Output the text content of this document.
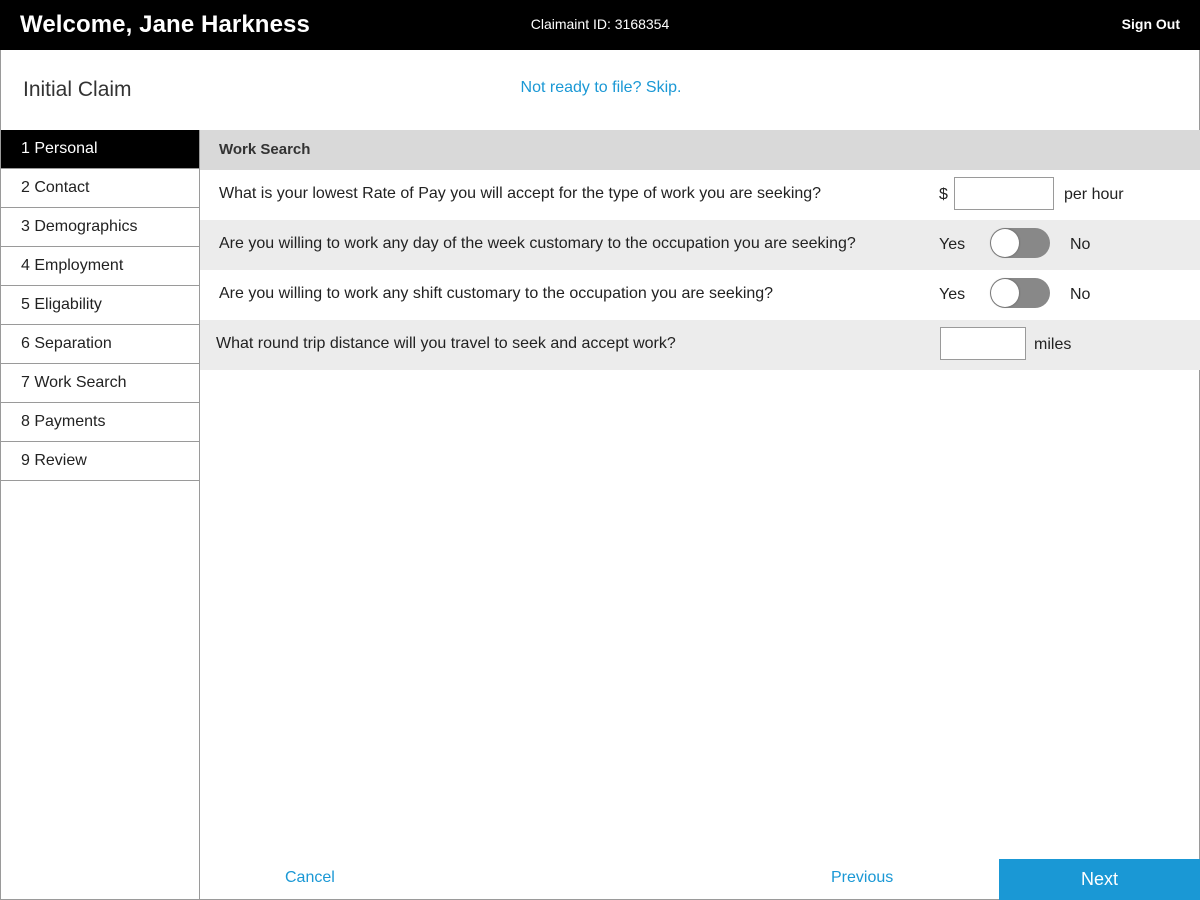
Welcome, Jane Harkness	Claimaint ID: 3168354	Sign Out
Initial Claim	Not ready to file? Skip.
1 Personal
2 Contact
3 Demographics
4 Employment
5 Eligability
6 Separation
7 Work Search
8 Payments
9 Review
Work Search
What is your lowest Rate of Pay you will accept for the type of work you are seeking?	$	per hour
Are you willing to work any day of the week customary to the occupation you are seeking?	Yes	No
Are you willing to work any shift customary to the occupation you are seeking?	Yes	No
What round trip distance will you travel to seek and accept work?	miles
Cancel	Previous	Next
